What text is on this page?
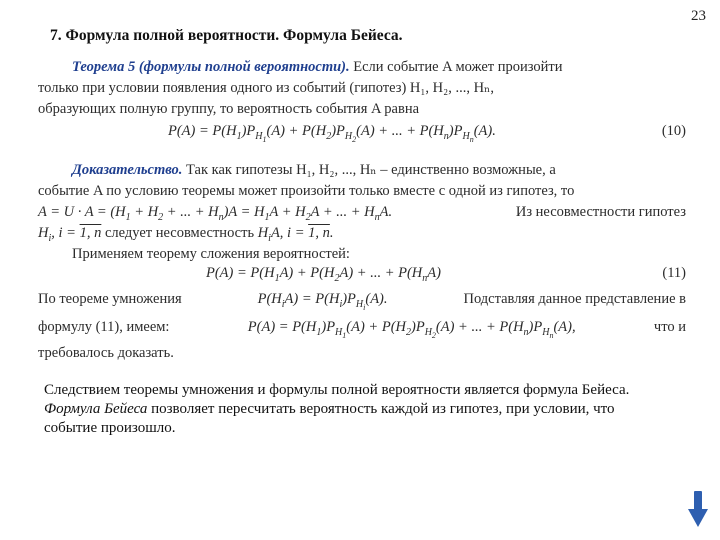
23
7. Формула полной вероятности. Формула Бейеса.
Теорема 5 (формулы полной вероятности). Если событие A может произойти
только при условии появления одного из событий (гипотез) H₁, H₂, ..., Hₙ,
образующих полную группу, то вероятность события A равна
$P(A) = P(H_1)P_{H_1}(A) + P(H_2)P_{H_2}(A)$ + ... + $P(H_n)P_{H_n}(A)$.	(10)
Доказательство. Так как гипотезы H₁, H₂, ..., Hₙ – единственно возможные, а
событие A по условию теоремы может произойти только вместе с одной из гипотез, то
$A = U \cdot A = (H_1 + H_2$ + ... + $H_n)A = H_1A + H_2A$ + ... + $H_nA$.	Из несовместности гипотез
$H_i$, i = 1, n следует несовместность $H_iA$, i = 1, n.
Применяем теорему сложения вероятностей:
$P(A) = P(H_1A) + P(H_2A)$ + ... + $P(H_nA)$	(11)
По теореме умножения	$P(H_iA) = P(H_i)P_{H_i}(A)$.	Подставляя данное представление в
формулу (11), имеем:	$P(A) = P(H_1)P_{H_1}(A) + P(H_2)P_{H_2}(A)$ + ... + $P(H_n)P_{H_n}(A)$,	что и
требовалось доказать.

Следствием теоремы умножения и формулы полной вероятности является формула Бейеса.

Формула Бейеса позволяет пересчитать вероятность каждой из гипотез, при условии, что событие произошло.
